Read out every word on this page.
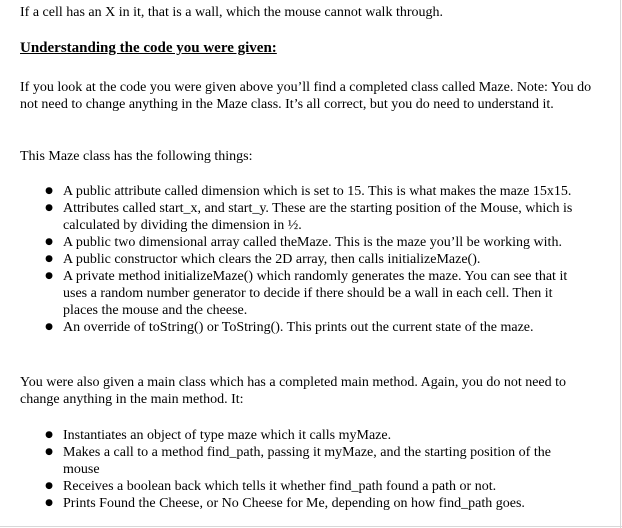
If a cell has an X in it, that is a wall, which the mouse cannot walk through.

Understanding the code you were given:

If you look at the code you were given above you’ll find a completed class called Maze. Note: You do not need to change anything in the Maze class. It’s all correct, but you do need to understand it.

This Maze class has the following things:

● A public attribute called dimension which is set to 15. This is what makes the maze 15x15.
● Attributes called start_x, and start_y. These are the starting position of the Mouse, which is calculated by dividing the dimension in ½.
● A public two dimensional array called theMaze. This is the maze you’ll be working with.
● A public constructor which clears the 2D array, then calls initializeMaze().
● A private method initializeMaze() which randomly generates the maze. You can see that it uses a random number generator to decide if there should be a wall in each cell. Then it places the mouse and the cheese.
● An override of toString() or ToString(). This prints out the current state of the maze.

You were also given a main class which has a completed main method. Again, you do not need to change anything in the main method. It:

● Instantiates an object of type maze which it calls myMaze.
● Makes a call to a method find_path, passing it myMaze, and the starting position of the mouse
● Receives a boolean back which tells it whether find_path found a path or not.
● Prints Found the Cheese, or No Cheese for Me, depending on how find_path goes.
